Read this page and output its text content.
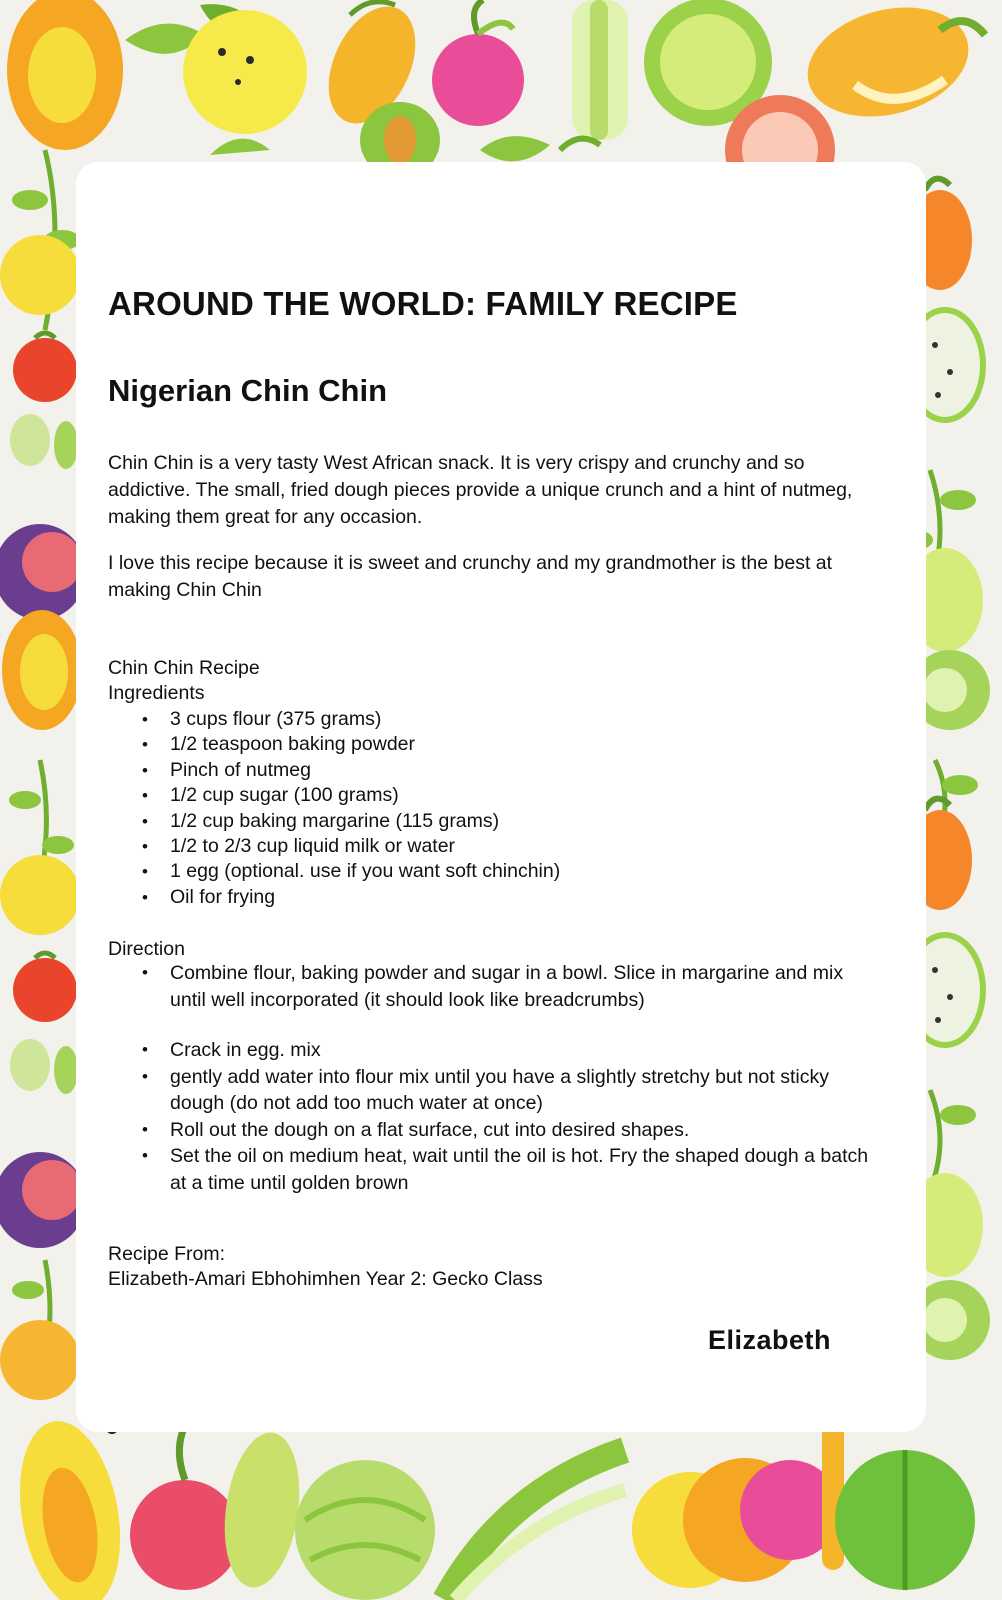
AROUND THE WORLD: FAMILY RECIPE
Nigerian Chin Chin

Chin Chin is a very tasty West African snack. It is very crispy and crunchy and so addictive. The small, fried dough pieces provide a unique crunch and a hint of nutmeg, making them great for any occasion.

I love this recipe because it is sweet and crunchy and my grandmother is the best at making Chin Chin

Chin Chin Recipe

Ingredients

• 3 cups flour (375 grams)
• 1/2 teaspoon baking powder
• Pinch of nutmeg
• 1/2 cup sugar (100 grams)
• 1/2 cup baking margarine (115 grams)
• 1/2 to 2/3 cup liquid milk or water
• 1 egg (optional. use if you want soft chinchin)
• Oil for frying

Direction

• Combine flour, baking powder and sugar in a bowl. Slice in margarine and mix until well incorporated (it should look like breadcrumbs)
• Crack in egg. mix
• gently add water into flour mix until you have a slightly stretchy but not sticky dough (do not add too much water at once)
• Roll out the dough on a flat surface, cut into desired shapes.
• Set the oil on medium heat, wait until the oil is hot. Fry the shaped dough a batch at a time until golden brown

Recipe From:

Elizabeth-Amari Ebhohimhen Year 2: Gecko Class

Elizabeth
